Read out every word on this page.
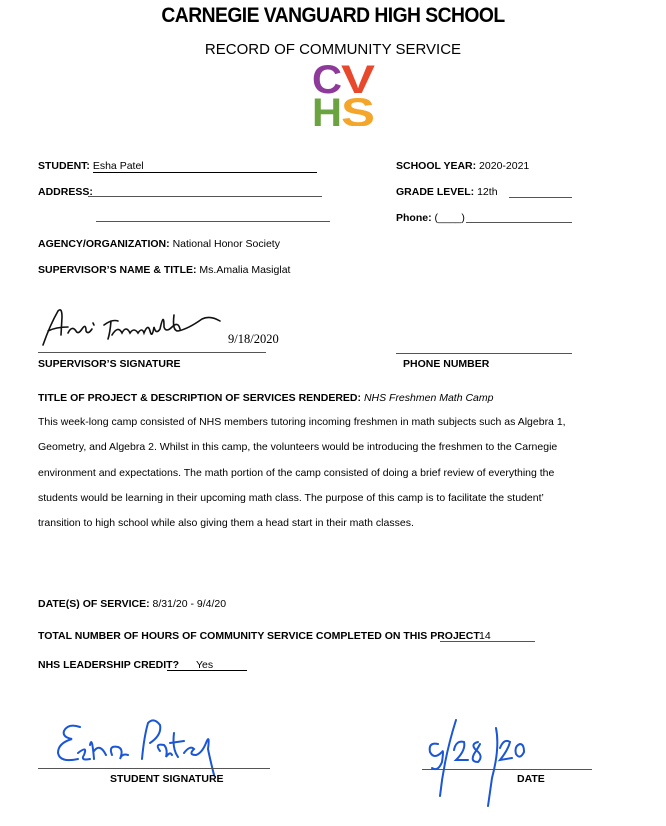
CARNEGIE VANGUARD HIGH SCHOOL
RECORD OF COMMUNITY SERVICE
C V
H S
STUDENT: Esha Patel
ADDRESS:
SCHOOL YEAR: 2020-2021
GRADE LEVEL: 12th
Phone: (____)
AGENCY/ORGANIZATION: National Honor Society
SUPERVISOR’S NAME & TITLE: Ms.Amalia Masiglat
9/18/2020
SUPERVISOR’S SIGNATURE	PHONE NUMBER
TITLE OF PROJECT & DESCRIPTION OF SERVICES RENDERED: NHS Freshmen Math Camp
This week-long camp consisted of NHS members tutoring incoming freshmen in math subjects such as Algebra 1,
Geometry, and Algebra 2. Whilst in this camp, the volunteers would be introducing the freshmen to the Carnegie
environment and expectations. The math portion of the camp consisted of doing a brief review of everything the
students would be learning in their upcoming math class. The purpose of this camp is to facilitate the student’
transition to high school while also giving them a head start in their math classes.
DATE(S) OF SERVICE: 8/31/20 - 9/4/20
TOTAL NUMBER OF HOURS OF COMMUNITY SERVICE COMPLETED ON THIS PROJECT 14
NHS LEADERSHIP CREDIT? Yes
STUDENT SIGNATURE	DATE
